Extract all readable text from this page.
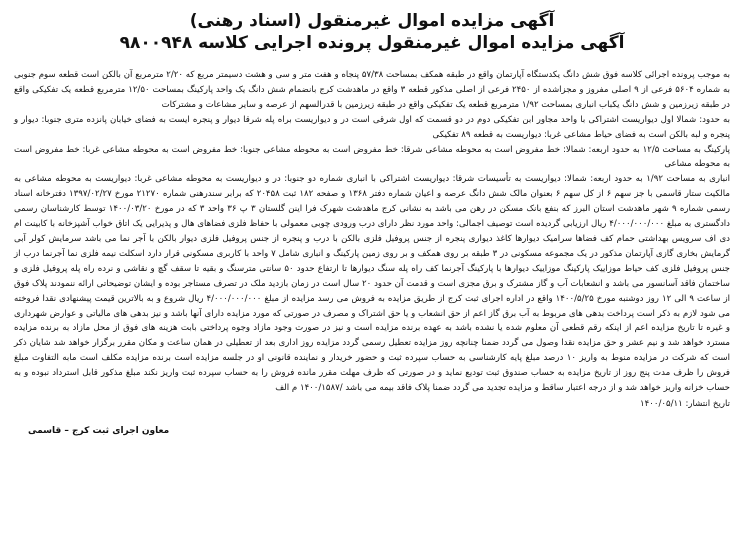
آگهی مزایده اموال غیرمنقول (اسناد رهنی)
آگهی مزایده اموال غیرمنقول پرونده اجرایی کلاسه ۹۸۰۰۹۴۸

به موجب پرونده اجرائی کلاسه فوق شش دانگ یکدستگاه آپارتمان واقع در طبقه همکف بمساحت ۵۷/۳۸ پنجاه و هفت متر و سی و هشت دسیمتر مربع که ۲/۲۰ مترمربع آن بالکن است قطعه سوم جنوبی به شماره ۵۶۰۴ فرعی از ۹ اصلی مفروز و مجزاشده از ۲۴۵۰ فرعی از اصلی مذکور قطعه ۳ واقع در ماهدشت کرج بانضمام شش دانگ یک واحد پارکینگ بمساحت ۱۲/۵۰ مترمربع قطعه یک تفکیکی واقع در طبقه زیرزمین و شش دانگ یکباب انباری بمساحت ۱/۹۲ مترمربع قطعه یک تفکیکی واقع در طبقه زیرزمین با قدرالسهم از عرصه و سایر مشاعات و مشترکات

به حدود: شمالا اول دیواریست اشتراکی با واحد مجاور ابن تفکیکی دوم در دو قسمت که اول شرقی است در و دیواریست براه پله شرقا دیوار و پنجره ایست به فضای خیابان پانزده متری جنوبا: دیوار و پنجره و لبه بالکن است به فضای حیاط مشاعی غربا: دیواریست به قطعه ۸۹ تفکیکی

پارکینگ به مساحت ۱۲/۵ به حدود اربعه: شمالا: خط مفروض است به محوطه مشاعی شرقا: خط مفروض است به محوطه مشاعی جنوبا: خط مفروض است به محوطه مشاعی غربا: خط مفروض است به محوطه مشاعی

انباری به مساحت ۱/۹۲ به حدود اربعه: شمالا: دیواریست به تأسیسات شرقا: دیواریست اشتراکی با انباری شماره دو جنوبا: در و دیواریست به محوطه مشاعی غربا: دیواریست به محوطه مشاعی به مالکیت ستار قاسمی با جز سهم ۶ از کل سهم ۶ بعنوان مالک شش دانگ عرصه و اعیان شماره دفتر ۱۳۶۸ و صفحه ۱۸۲ ثبت ۲۰۴۵۸ که برابر سندرهنی شماره ۲۱۲۷۰ مورخ ۱۳۹۷/۰۲/۲۷ دفترخانه اسناد رسمی شماره ۹ شهر ماهدشت استان البرز که بنفع بانک مسکن در رهن می باشد به نشانی کرج ماهدشت شهرک فرا اینن گلستان ۳ پ ۳۶ واحد ۳ که در مورخ ۱۴۰۰/۰۳/۲۰ توسط کارشناسان رسمی دادگستری به مبلغ ۴/۰۰۰/۰۰۰/۰۰۰ ریال ارزیابی گردیده است توصیف اجمالی: واحد مورد نظر دارای درب ورودی چوبی معمولی با حفاظ فلزی فضاهای هال و پذیرایی یک اتاق خواب آشپزخانه با کابینت ام دی اف سرویس بهداشتی حمام کف فضاها سرامیک دیوارها کاغذ دیواری پنجره از جنس پروفیل فلزی بالکن با درب و پنجره از جنس پروفیل فلزی دیوار بالکن با آجر نما می باشد سرمایش کولر آبی گرمایش بخاری گازی آپارتمان مذکور در یک مجموعه مسکونی در ۳ طبقه بر روی همکف و بر روی زمین پارکینگ و انباری شامل ۷ واحد با کاربری مسکونی قرار دارد اسکلت نیمه فلزی نما آجرنما درب از جنس پروفیل فلزی کف حیاط موزاییک پارکینگ موزاییک دیوارها با پارکینگ آجرنما کف راه پله سنگ دیوارها تا ارتفاع حدود ۵۰ سانتی مترسنگ و بقیه تا سقف گچ و نقاشی و نرده راه پله پروفیل فلزی و ساختمان فاقد آسانسور می باشد و انشعابات آب و گاز مشترک و برق مجزی است و قدمت آن حدود ۲۰ سال است در زمان بازدید ملک در تصرف مستاجر بوده و ایشان توضیحاتی ارائه ننمودند پلاک فوق از ساعت ۹ الی ۱۲ روز دوشنبه مورخ ۱۴۰۰/۵/۲۵ واقع در اداره اجرای ثبت کرج از طریق مزایده به فروش می رسد مزایده از مبلغ ۴/۰۰۰/۰۰۰/۰۰۰ ریال شروع و به بالاترین قیمت پیشنهادی نقدا فروخته می شود لازم به ذکر است پرداخت بدهی های مربوط به آب برق گاز اعم از حق انشعاب و یا حق اشتراک و مصرف در صورتی که مورد مزایده دارای آنها باشد و نیز بدهی های مالیاتی و عوارض شهرداری و غیره تا تاریخ مزایده اعم از اینکه رقم قطعی آن معلوم شده یا نشده باشد به عهده برنده مزایده است و نیز در صورت وجود مازاد وجوه پرداختی بابت هزینه های فوق از محل مازاد به برنده مزایده مسترد خواهد شد و نیم عشر و حق مزایده نقدا وصول می گردد ضمنا چنانچه روز مزایده تعطیل رسمی گردد مزایده روز اداری بعد از تعطیلی در همان ساعت و مکان مقرر برگزار خواهد شد شایان ذکر است که شرکت در مزایده منوط به واریز ۱۰ درصد مبلغ پایه کارشناسی به حساب سپرده ثبت و حضور خریدار و نماینده قانونی او در جلسه مزایده است برنده مزایده مکلف است مابه التفاوت مبلغ فروش را ظرف مدت پنج روز از تاریخ مزایده به حساب صندوق ثبت تودیع نماید و در صورتی که ظرف مهلت مقرر مانده فروش را به حساب سپرده ثبت واریز نکند مبلغ مذکور قابل استرداد نبوده و به حساب خزانه واریز خواهد شد و از درجه اعتبار ساقط و مزایده تجدید می گردد ضمنا پلاک فاقد بیمه می باشد /۱۴۰۰/۱۵۸۷ م الف

تاریخ انتشار: ۱۴۰۰/۰۵/۱۱
معاون اجرای ثبت کرج – قاسمی
